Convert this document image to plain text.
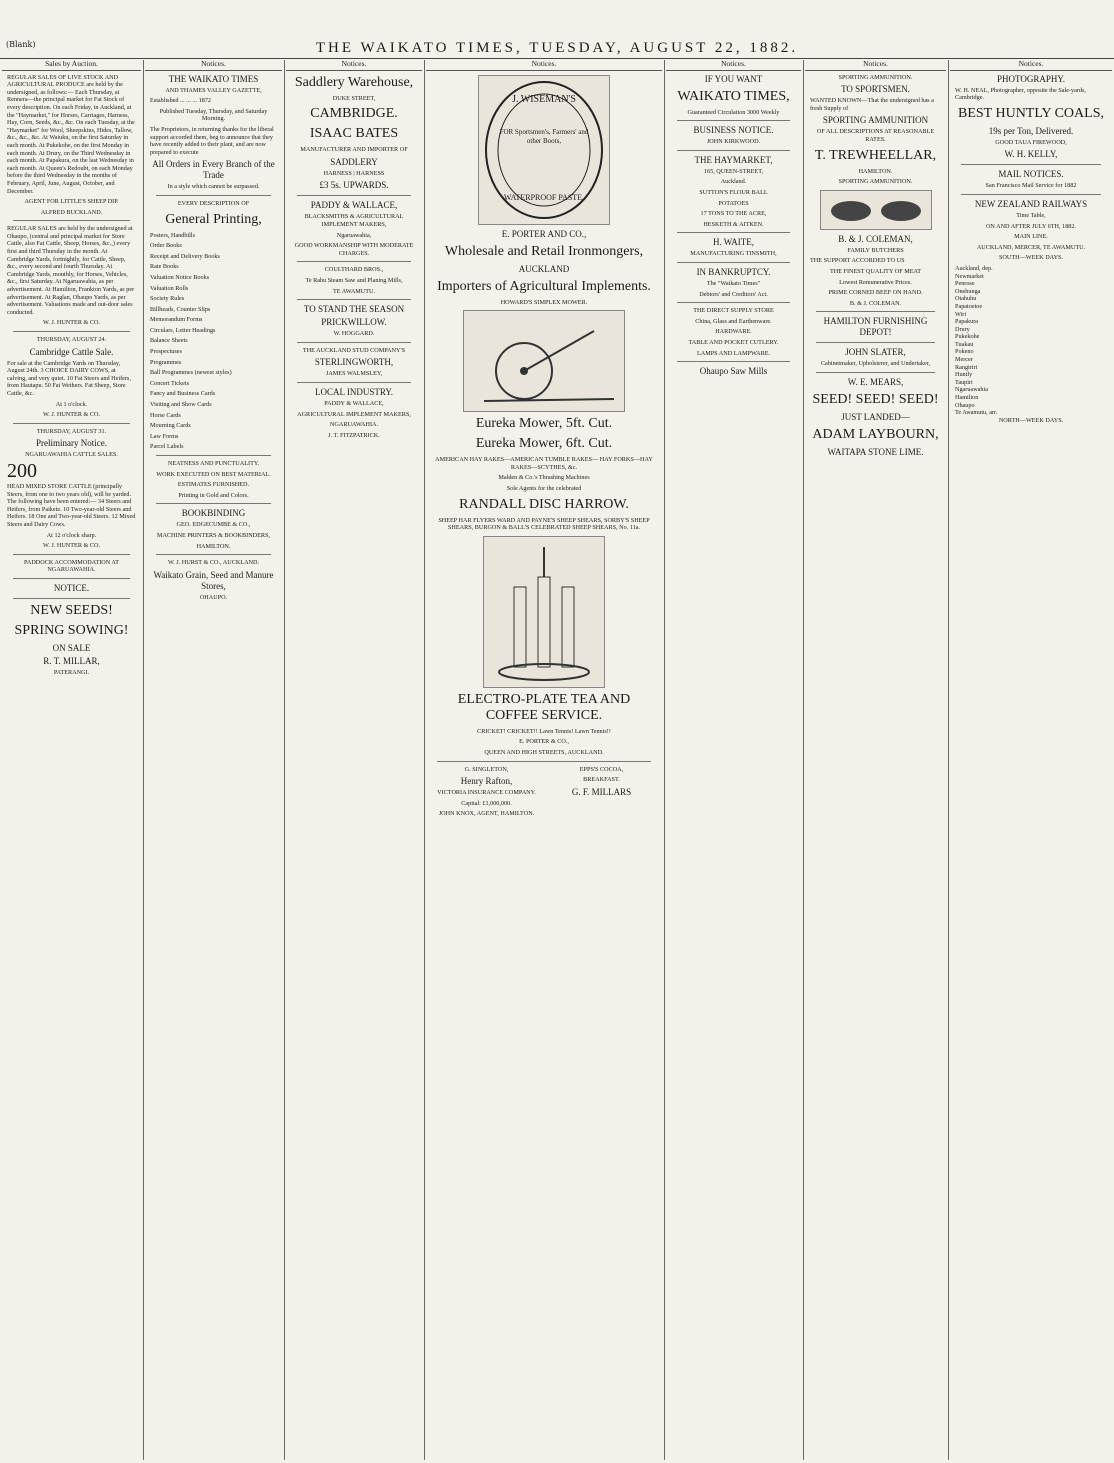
(Blank)	THE WAIKATO TIMES, TUESDAY, AUGUST 22, 1882.
Sales by Auction.

REGULAR SALES OF LIVE STOCK AND AGRICULTURAL PRODUCE are held by the undersigned, as follows:— Each Thursday, at Rennera—the principal market for Fat Stock of every description. On each Friday, in Auckland, at the "Haymarket," for Horses, Carriages, Harness, Hay, Corn, Seeds, &c., &c. On each Tuesday, at the "Haymarket" for Wool, Sheepskins, Hides, Tallow, &c., &c., &c. At Waiuku, on the first Saturday in each month. At Pukekohe, on the first Monday in each month. At Drury, on the Third Wednesday in each month. At Papakura, on the last Wednesday in each month. At Queen's Redoubt, on each Monday before the third Wednesday in the months of February, April, June, August, October, and December.

AGENT FOR LITTLE'S SHEEP DIP.

ALFRED BUCKLAND.

REGULAR SALES are held by the undersigned at Ohaupo, (central and principal market for Store Cattle, also Fat Cattle, Sheep, Horses, &c.,) every first and third Thursday in the month. At Cambridge Yards, fortnightly, for Cattle, Sheep, &c., every second and fourth Thursday. At Cambridge Yards, monthly, for Horses, Vehicles, &c., first Saturday. At Ngaruawahia, as per advertisement. At Hamilton, Frankton Yards, as per advertisement. At Raglan, Ohaupo Yards, as per advertisement. Valuations made and out-door sales conducted.

W. J. HUNTER & CO.

THURSDAY, AUGUST 24.

Cambridge Cattle Sale.

For sale at the Cambridge Yards on Thursday, August 24th. 3 CHOICE DAIRY COWS, at calving, and very quiet. 10 Fat Steers and Heifers, from Hautapu. 50 Fat Wethers. Fat Sheep, Store Cattle, &c.

At 1 o'clock.

W. J. HUNTER & CO.

THURSDAY, AUGUST 31.

Preliminary Notice.

NGARUAWAHIA CATTLE SALES.

200

HEAD MIXED STORE CATTLE (principally Steers, from one to two years old), will be yarded. The following have been entered:— 34 Steers and Heifers, from Paikete. 10 Two-year-old Steers and Heifers. 18 One and Two-year-old Steers. 12 Mixed Steers and Dairy Cows.

At 12 o'clock sharp.

W. J. HUNTER & CO.

PADDOCK ACCOMMODATION AT NGARUAWAHIA.

NOTICE.
NEW SEEDS!
SPRING SOWING!
ON SALE
R. T. MILLAR,

PATERANGI.

Notices.
THE WAIKATO TIMES

AND THAMES VALLEY GAZETTE,

Established ... ... ... 1872

Published Tuesday, Thursday, and Saturday Morning.

The Proprietors, in returning thanks for the liberal support accorded them, beg to announce that they have recently added to their plant, and are now prepared to execute

All Orders in Every Branch of the Trade

In a style which cannot be surpassed.

EVERY DESCRIPTION OF

General Printing,

Posters, Handbills

Order Books

Receipt and Delivery Books

Rate Books

Valuation Notice Books

Valuation Rolls

Society Rules

Billheads, Counter Slips

Memorandum Forms

Circulars, Letter Headings

Balance Sheets

Prospectuses

Programmes

Ball Programmes (newest styles)

Concert Tickets

Fancy and Business Cards

Visiting and Show Cards

Horse Cards

Mourning Cards

Law Forms

Parcel Labels

NEATNESS AND PUNCTUALITY.

WORK EXECUTED ON BEST MATERIAL.

ESTIMATES FURNISHED.

Printing in Gold and Colors.

BOOKBINDING

GEO. EDGECUMBE & CO.,

MACHINE PRINTERS & BOOKBINDERS,

HAMILTON.

W. J. HURST & CO., AUCKLAND.

Waikato Grain, Seed and Manure Stores,

OHAUPO.

Notices.
Saddlery Warehouse,

DUKE STREET,

CAMBRIDGE.
ISAAC BATES

MANUFACTURER AND IMPORTER OF

SADDLERY

HARNESS | HARNESS

£3 5s. UPWARDS.
PADDY & WALLACE,

BLACKSMITHS & AGRICULTURAL IMPLEMENT MAKERS,

Ngaruawahia,

GOOD WORKMANSHIP WITH MODERATE CHARGES.

COULTHARD BROS.,

Te Rahu Steam Saw and Planing Mills,

TE AWAMUTU.

TO STAND THE SEASON
PRICKWILLOW.

W. HOGGARD.

THE AUCKLAND STUD COMPANY'S

STERLINGWORTH,

JAMES WALMSLEY,

LOCAL INDUSTRY.

PADDY & WALLACE,

AGRICULTURAL IMPLEMENT MAKERS,

NGARUAWAHIA.

J. T. FITZPATRICK.

Notices.
J. WISEMAN'S
FOR Sportsmen's, Farmers' and other Boots,
WATERPROOF PASTE.
E. PORTER AND CO.,
Wholesale and Retail Ironmongers,
AUCKLAND
Importers of Agricultural Implements.

HOWARD'S SIMPLEX MOWER.

Eureka Mower, 5ft. Cut.
Eureka Mower, 6ft. Cut.

AMERICAN HAY RAKES—AMERICAN TUMBLE RAKES— HAY FORKS—HAY RAKES—SCYTHES, &c.

Malden & Co.'s Thrashing Machines

Sole Agents for the celebrated

RANDALL DISC HARROW.

SHEEP HAR FLYERS WARD AND PAYNE'S SHEEP SHEARS, SORBY'S SHEEP SHEARS, BURGON & BALL'S CELEBRATED SHEEP SHEARS, No. 11a.

ELECTRO-PLATE TEA AND COFFEE SERVICE.

CRICKET! CRICKET!! Lawn Tennis! Lawn Tennis!!

E. PORTER & CO.,

QUEEN AND HIGH STREETS, AUCKLAND.

G. SINGLETON,

Henry Rafton,

VICTORIA INSURANCE COMPANY.

Capital: £1,000,000.

JOHN KNOX, AGENT, HAMILTON.

EPPS'S COCOA,

BREAKFAST.

G. F. MILLARS
Notices.
IF YOU WANT
WAIKATO TIMES,

Guaranteed Circulation 3000 Weekly

BUSINESS NOTICE.

JOHN KIRKWOOD.

THE HAYMARKET,

165, QUEEN-STREET,

Auckland.

SUTTON'S FLOUR BALL

POTATOES

17 TONS TO THE ACRE,

HESKETH & AITKEN.

H. WAITE,

MANUFACTURING TINSMITH,

IN BANKRUPTCY.

The "Waikato Times"

Debtors' and Creditors' Act.

THE DIRECT SUPPLY STORE

China, Glass and Earthenware.

HARDWARE.

TABLE AND POCKET CUTLERY.

LAMPS AND LAMPWARE.

Ohaupo Saw Mills
Notices.

SPORTING AMMUNITION.

TO SPORTSMEN.

WANTED KNOWN—That the undersigned has a fresh Supply of

SPORTING AMMUNITION

OF ALL DESCRIPTIONS AT REASONABLE RATES.

T. TREWHEELLAR,

HAMILTON.

SPORTING AMMUNITION.

B. & J. COLEMAN,

FAMILY BUTCHERS

THE SUPPORT ACCORDED TO US

THE FINEST QUALITY OF MEAT

Lowest Remunerative Prices.

PRIME CORNED BEEF ON HAND.

B. & J. COLEMAN.

HAMILTON FURNISHING DEPOT!
JOHN SLATER,

Cabinetmaker, Upholsterer, and Undertaker,

W. E. MEARS,
SEED! SEED! SEED!
JUST LANDED—
ADAM LAYBOURN,
WAITAPA STONE LIME.
Notices.
PHOTOGRAPHY.

W. H. NEAL, Photographer, opposite the Sale-yards, Cambridge.

BEST HUNTLY COALS,
19s per Ton, Delivered.

GOOD TAUA FIREWOOD,

W. H. KELLY,
MAIL NOTICES.

San Francisco Mail Service for 1882

NEW ZEALAND RAILWAYS

Time Table,

ON AND AFTER JULY 6TH, 1882.

MAIN LINE.

AUCKLAND, MERCER, TE AWAMUTU.

SOUTH—WEEK DAYS.

Auckland, dep.

Newmarket

Penrose

Onehunga

Otahuhu

Papatoetoe

Wiri

Papakura

Drury

Pukekohe

Tuakau

Pokeno

Mercer

Rangiriri

Huntly

Taupiri

Ngaruawahia

Hamilton

Ohaupo

Te Awamutu, arr.

NORTH—WEEK DAYS.
